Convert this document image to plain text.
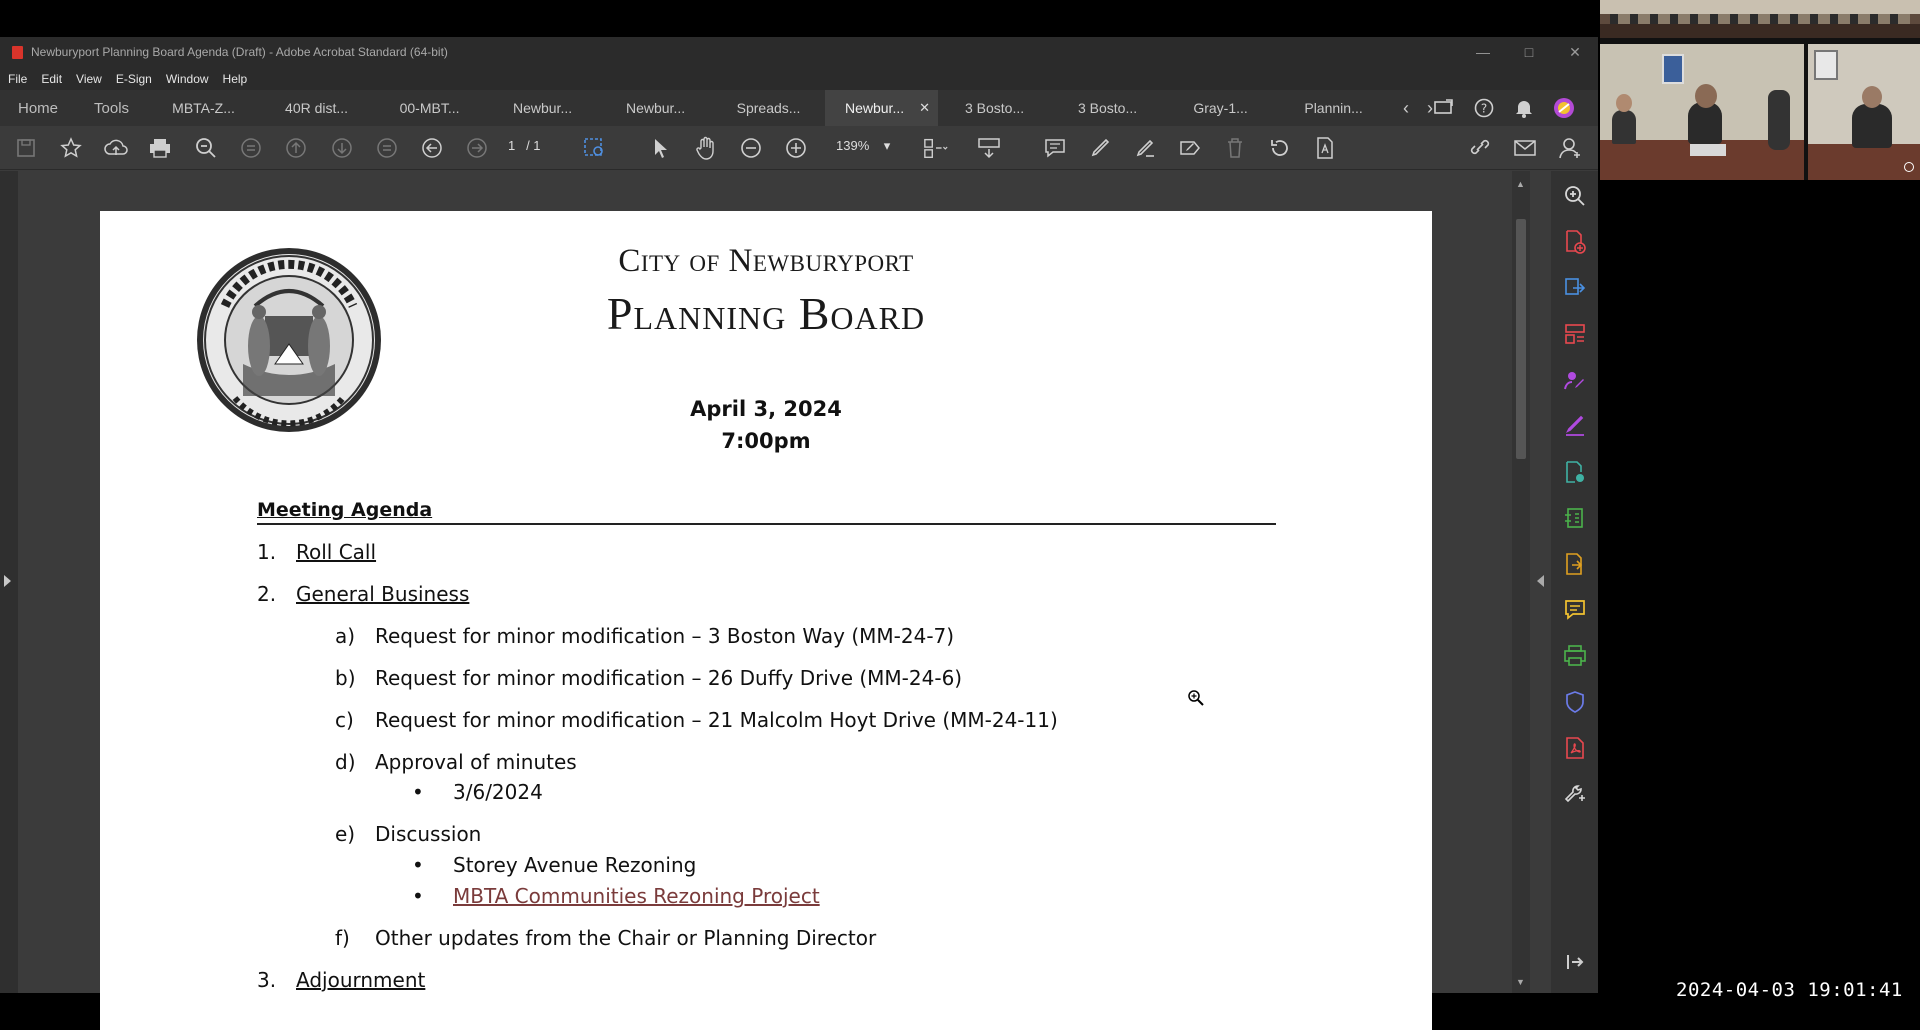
Newburyport Planning Board Agenda (Draft) - Adobe Acrobat Standard (64-bit)	—	□	✕
File Edit View E-Sign Window Help
Home	Tools	MBTA-Z...	40R dist...	00-MBT...	Newbur...	Newbur...	Spreads...	Newbur... ✕ 3 Bosto...	3 Bosto...	Gray-1...	Plannin...	‹	›	?
1 / 1	139%    ▾
City of Newburyport
Planning Board
April 3, 2024
7:00pm
Meeting Agenda
1. Roll Call
2. General Business
a) Request for minor modification – 3 Boston Way (MM-24-7)
b) Request for minor modification – 26 Duffy Drive (MM-24-6)
c) Request for minor modification – 21 Malcolm Hoyt Drive (MM-24-11)
d) Approval of minutes
• 3/6/2024
e) Discussion
• Storey Avenue Rezoning
• MBTA Communities Rezoning Project
f) Other updates from the Chair or Planning Director
3. Adjournment
▲
▼	2024-04-03 19:01:41
